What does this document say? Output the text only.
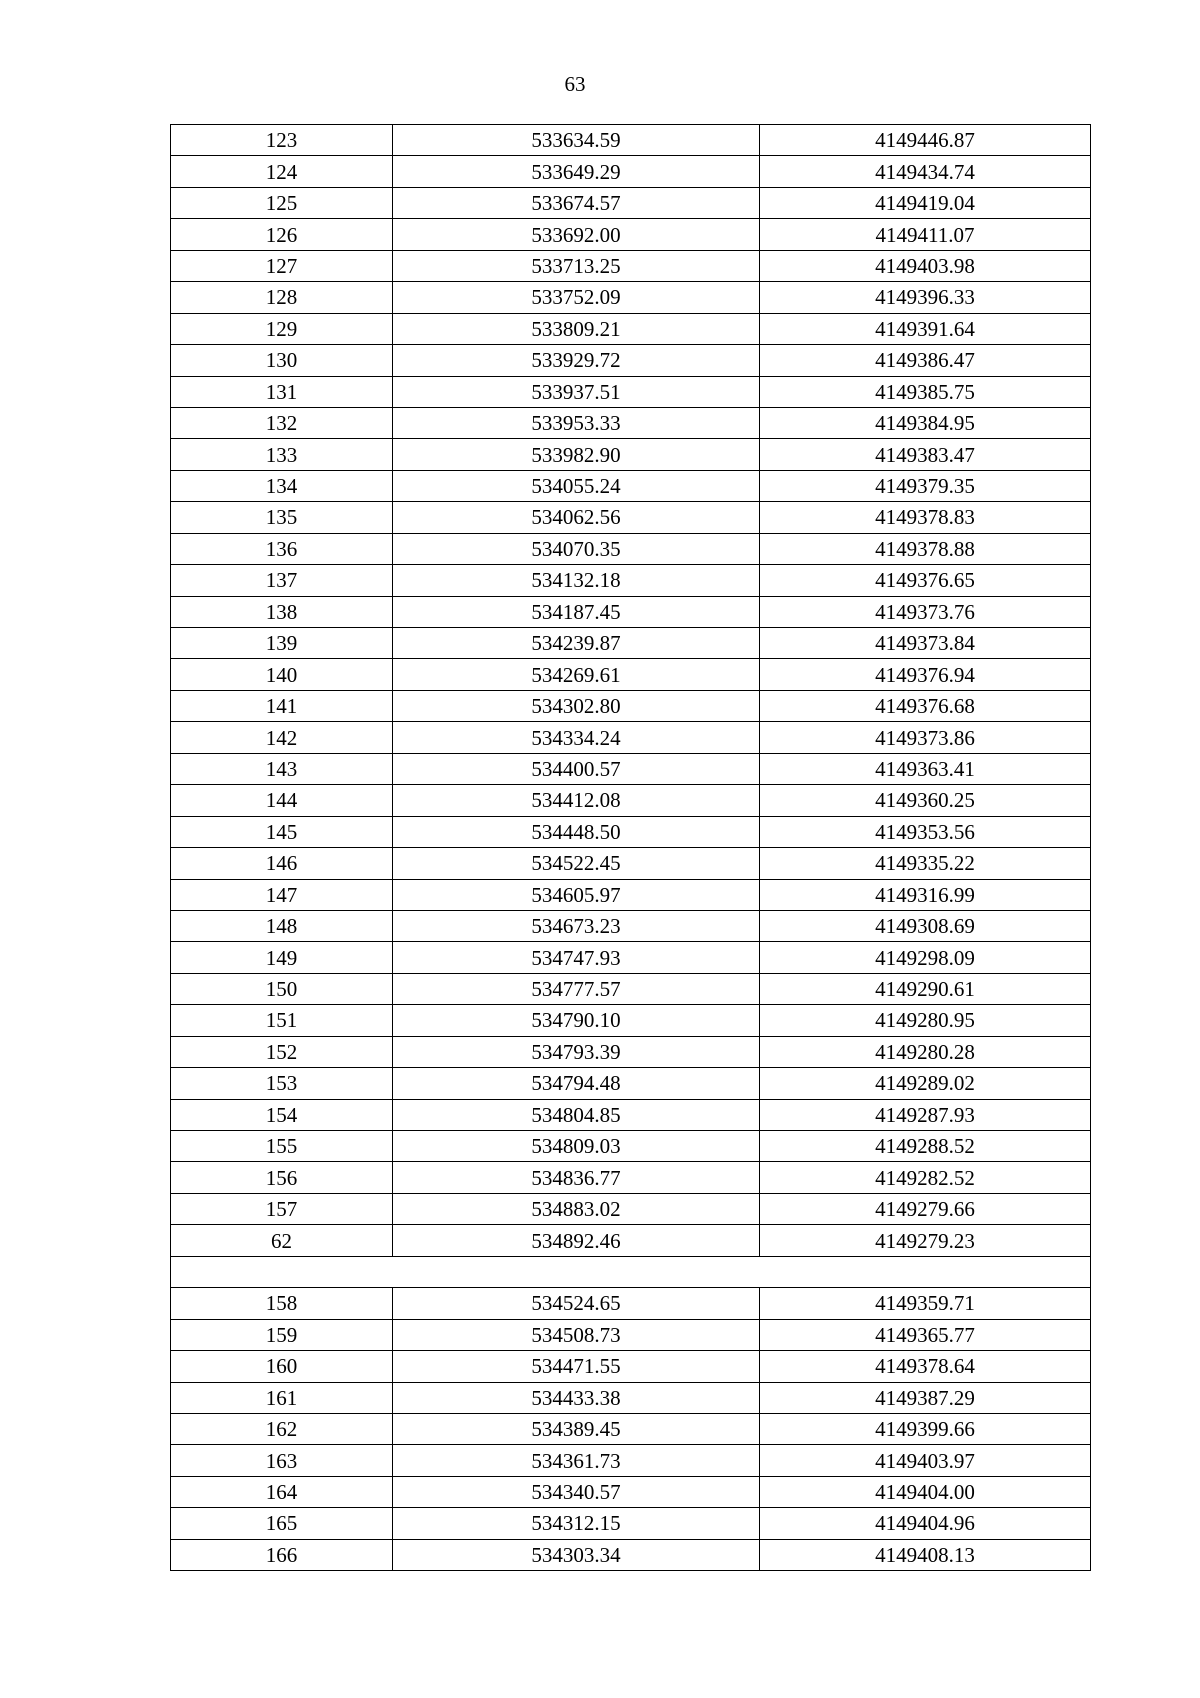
63
123	533634.59	4149446.87
124	533649.29	4149434.74
125	533674.57	4149419.04
126	533692.00	4149411.07
127	533713.25	4149403.98
128	533752.09	4149396.33
129	533809.21	4149391.64
130	533929.72	4149386.47
131	533937.51	4149385.75
132	533953.33	4149384.95
133	533982.90	4149383.47
134	534055.24	4149379.35
135	534062.56	4149378.83
136	534070.35	4149378.88
137	534132.18	4149376.65
138	534187.45	4149373.76
139	534239.87	4149373.84
140	534269.61	4149376.94
141	534302.80	4149376.68
142	534334.24	4149373.86
143	534400.57	4149363.41
144	534412.08	4149360.25
145	534448.50	4149353.56
146	534522.45	4149335.22
147	534605.97	4149316.99
148	534673.23	4149308.69
149	534747.93	4149298.09
150	534777.57	4149290.61
151	534790.10	4149280.95
152	534793.39	4149280.28
153	534794.48	4149289.02
154	534804.85	4149287.93
155	534809.03	4149288.52
156	534836.77	4149282.52
157	534883.02	4149279.66
62	534892.46	4149279.23

158	534524.65	4149359.71
159	534508.73	4149365.77
160	534471.55	4149378.64
161	534433.38	4149387.29
162	534389.45	4149399.66
163	534361.73	4149403.97
164	534340.57	4149404.00
165	534312.15	4149404.96
166	534303.34	4149408.13
